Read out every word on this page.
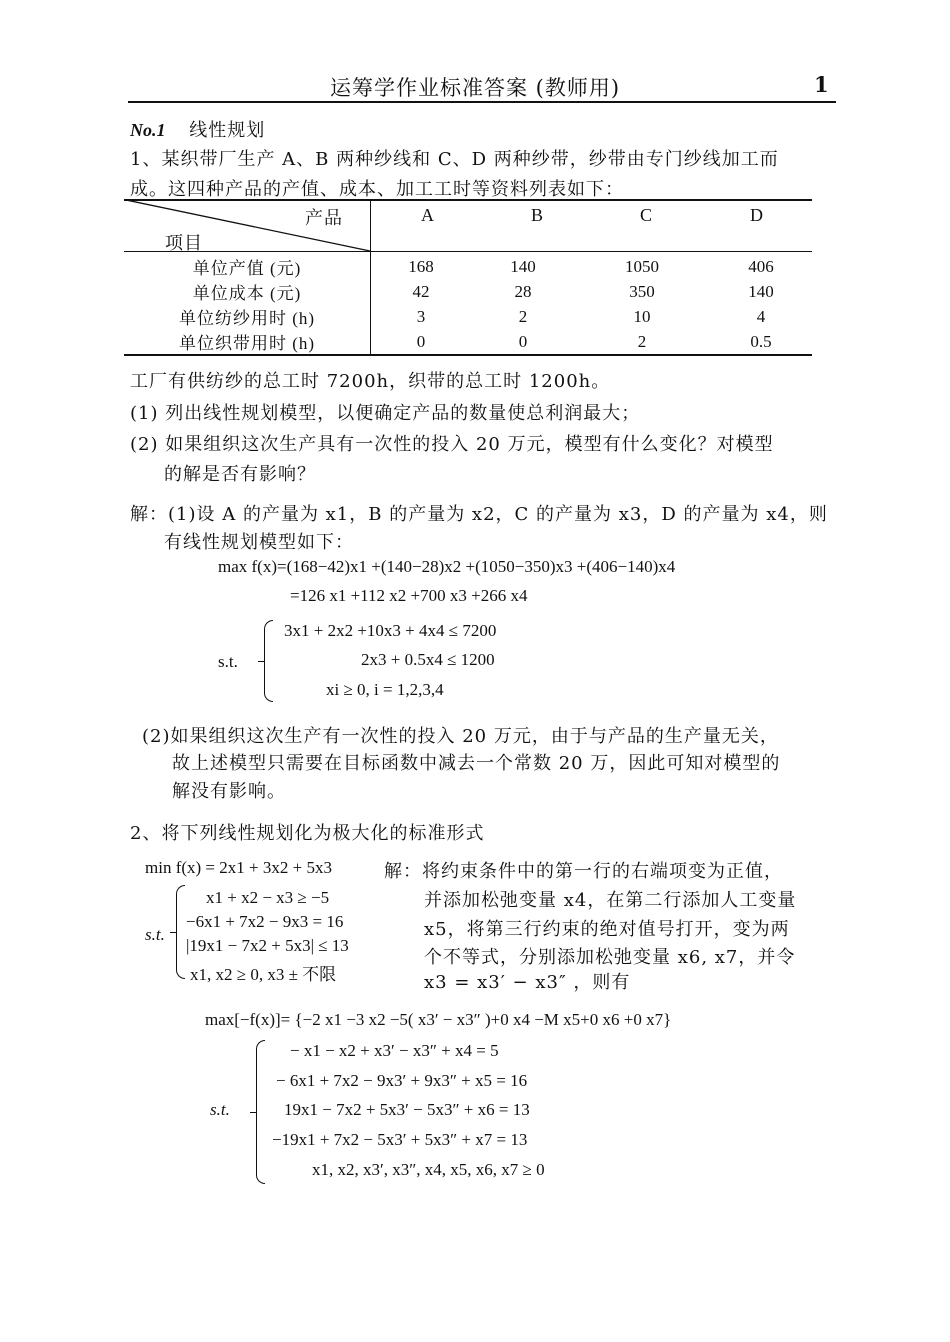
运筹学作业标准答案 (教师用)	1
No.1 线性规划
1、某织带厂生产 A、B 两种纱线和 C、D 两种纱带，纱带由专门纱线加工而
成。这四种产品的产值、成本、加工工时等资料列表如下：
产品
项目
A	B	C	D
单位产值 (元)	168	140	1050	406
单位成本 (元)	42	28	350	140
单位纺纱用时 (h)	3	2	10	4
单位织带用时 (h)	0	0	2	0.5
工厂有供纺纱的总工时 7200h，织带的总工时 1200h。
(1) 列出线性规划模型，以便确定产品的数量使总利润最大；
(2) 如果组织这次生产具有一次性的投入 20 万元，模型有什么变化？对模型
的解是否有影响？
解：(1)设 A 的产量为 x1，B 的产量为 x2，C 的产量为 x3，D 的产量为 x4，则
有线性规划模型如下：
max f(x)=(168−42)x1 +(140−28)x2 +(1050−350)x3 +(406−140)x4
=126 x1 +112 x2 +700 x3 +266 x4
s.t.
3x1 + 2x2 +10x3 + 4x4 ≤ 7200
2x3 + 0.5x4 ≤ 1200
xi ≥ 0, i = 1,2,3,4
(2)如果组织这次生产有一次性的投入 20 万元，由于与产品的生产量无关，
故上述模型只需要在目标函数中减去一个常数 20 万，因此可知对模型的
解没有影响。
2、将下列线性规划化为极大化的标准形式
min f(x) = 2x1 + 3x2 + 5x3
s.t.
x1 + x2 − x3 ≥ −5
−6x1 + 7x2 − 9x3 = 16
|19x1 − 7x2 + 5x3| ≤ 13
x1, x2 ≥ 0, x3 ± 不限
解：将约束条件中的第一行的右端项变为正值，
并添加松弛变量 x4，在第二行添加人工变量
x5，将第三行约束的绝对值号打开，变为两
个不等式，分别添加松弛变量 x6, x7，并令
x3 = x3′ − x3″ ，则有
max[−f(x)]= {−2 x1 −3 x2 −5( x3′ − x3″ )+0 x4 −M x5+0 x6 +0 x7}
s.t.
− x1 − x2 + x3′ − x3″ + x4 = 5
− 6x1 + 7x2 − 9x3′ + 9x3″ + x5 = 16
19x1 − 7x2 + 5x3′ − 5x3″ + x6 = 13
−19x1 + 7x2 − 5x3′ + 5x3″ + x7 = 13
x1, x2, x3′, x3″, x4, x5, x6, x7 ≥ 0
